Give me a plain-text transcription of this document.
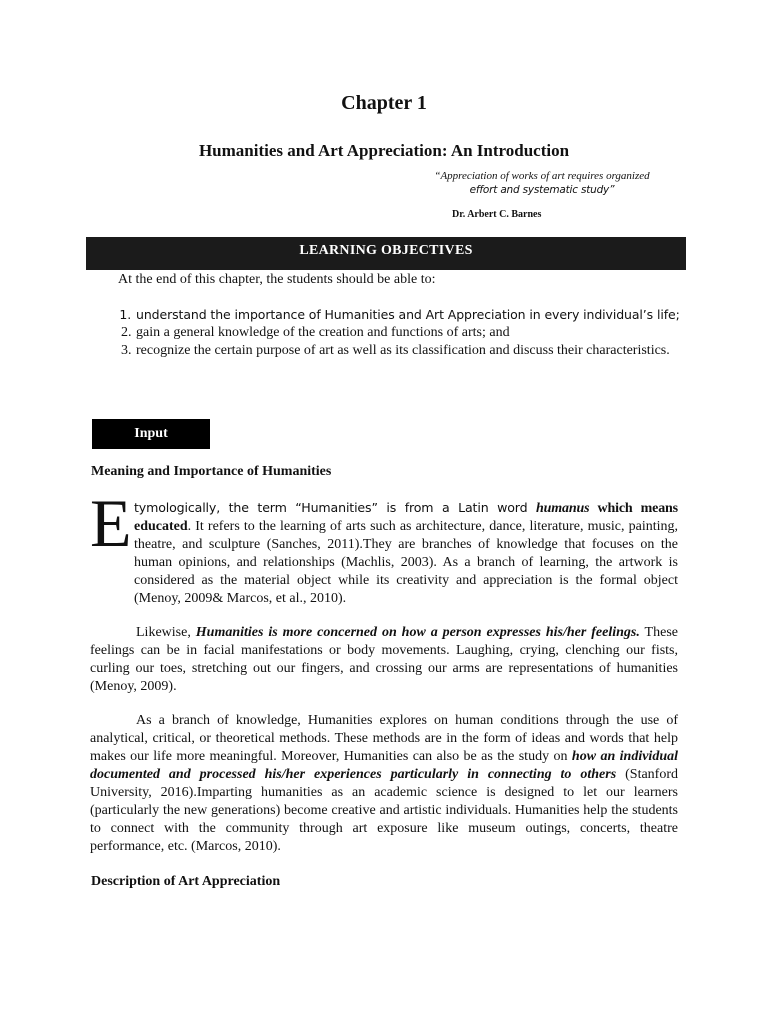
Chapter 1
Humanities and Art Appreciation: An Introduction
“Appreciation of works of art requires organized
effort and systematic study”
Dr. Arbert C. Barnes
LEARNING OBJECTIVES
At the end of this chapter, the students should be able to:
1. understand the importance of Humanities and Art Appreciation in every individual’s life;
2. gain a general knowledge of the creation and functions of arts; and
3. recognize the certain purpose of art as well as its classification and discuss their characteristics.
Input
Meaning and Importance of Humanities
E tymologically, the term “Humanities” is from a Latin word humanus which means educated. It refers to the learning of arts such as architecture, dance, literature, music, painting, theatre, and sculpture (Sanches, 2011).They are branches of knowledge that focuses on the human opinions, and relationships (Machlis, 2003). As a branch of learning, the artwork is considered as the material object while its creativity and appreciation is the formal object (Menoy, 2009& Marcos, et al., 2010).
Likewise, Humanities is more concerned on how a person expresses his/her feelings. These feelings can be in facial manifestations or body movements. Laughing, crying, clenching our fists, curling our toes, stretching out our fingers, and crossing our arms are representations of humanities (Menoy, 2009).
As a branch of knowledge, Humanities explores on human conditions through the use of analytical, critical, or theoretical methods. These methods are in the form of ideas and words that help makes our life more meaningful. Moreover, Humanities can also be as the study on how an individual documented and processed his/her experiences particularly in connecting to others (Stanford University, 2016).Imparting humanities as an academic science is designed to let our learners (particularly the new generations) become creative and artistic individuals. Humanities help the students to connect with the community through art exposure like museum outings, concerts, theatre performance, etc. (Marcos, 2010).
Description of Art Appreciation
